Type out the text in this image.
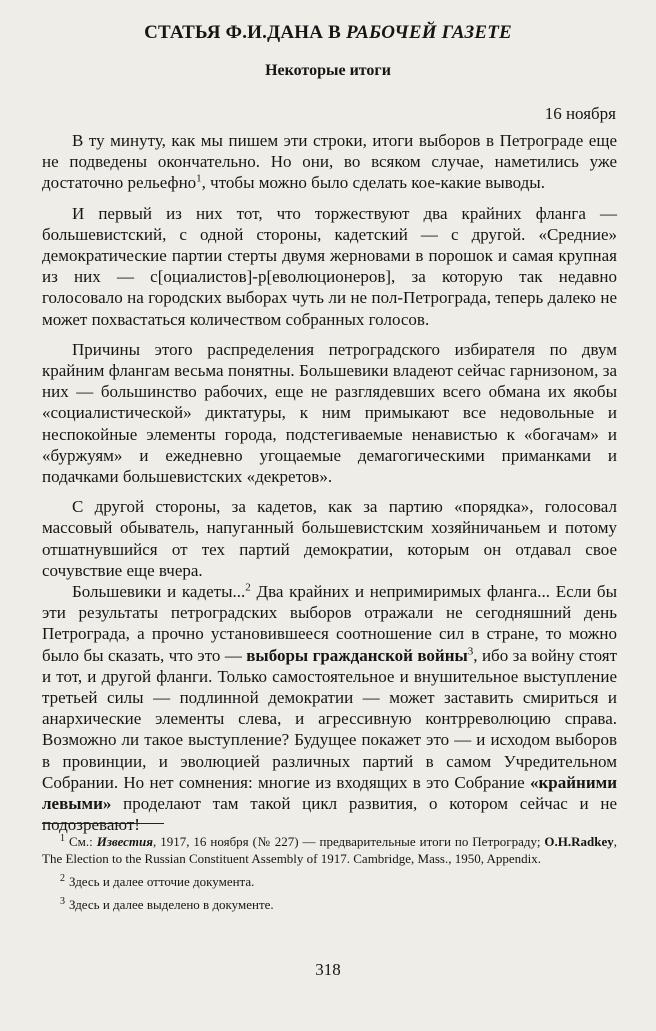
СТАТЬЯ Ф.И.ДАНА В РАБОЧЕЙ ГАЗЕТЕ
Некоторые итоги
16 ноября

В ту минуту, как мы пишем эти строки, итоги выборов в Петрограде еще не подведены окончательно. Но они, во всяком случае, наметились уже достаточно рельефно$^1$, чтобы можно было сделать кое-какие выводы.

И первый из них тот, что торжествуют два крайних фланга — большевистский, с одной стороны, кадетский — с другой. «Средние» демократические партии стерты двумя жерновами в порошок и самая крупная из них — с[оциалистов]-р[еволюционеров], за которую так недавно голосовало на городских выборах чуть ли не пол-Петрограда, теперь далеко не может похвастаться количеством собранных голосов.

Причины этого распределения петроградского избирателя по двум крайним флангам весьма понятны. Большевики владеют сейчас гарнизоном, за них — большинство рабочих, еще не разглядевших всего обмана их якобы «социалистической» диктатуры, к ним примыкают все недовольные и неспокойные элементы города, подстегиваемые ненавистью к «богачам» и «буржуям» и ежедневно угощаемые демагогическими приманками и подачками большевистских «декретов».

С другой стороны, за кадетов, как за партию «порядка», голосовал массовый обыватель, напуганный большевистским хозяйничаньем и потому отшатнувшийся от тех партий демократии, которым он отдавал свое сочувствие еще вчера.

Большевики и кадеты...$^2$ Два крайних и непримиримых фланга... Если бы эти результаты петроградских выборов отражали не сегодняшний день Петрограда, а прочно установившееся соотношение сил в стране, то можно было бы сказать, что это — выборы гражданской войны$^3$, ибо за войну стоят и тот, и другой фланги. Только самостоятельное и внушительное выступление третьей силы — подлинной демократии — может заставить смириться и анархические элементы слева, и агрессивную контрреволюцию справа. Возможно ли такое выступление? Будущее покажет это — и исходом выборов в провинции, и эволюцией различных партий в самом Учредительном Собрании. Но нет сомнения: многие из входящих в это Собрание «крайними левыми» проделают там такой цикл развития, о котором сейчас и не подозревают!

$^1$ См.: Известия, 1917, 16 ноября (№ 227) — предварительные итоги по Петрограду; O.H.Radkey, The Election to the Russian Constituent Assembly of 1917. Cambridge, Mass., 1950, Appendix.

$^2$ Здесь и далее отточие документа.

$^3$ Здесь и далее выделено в документе.

318
